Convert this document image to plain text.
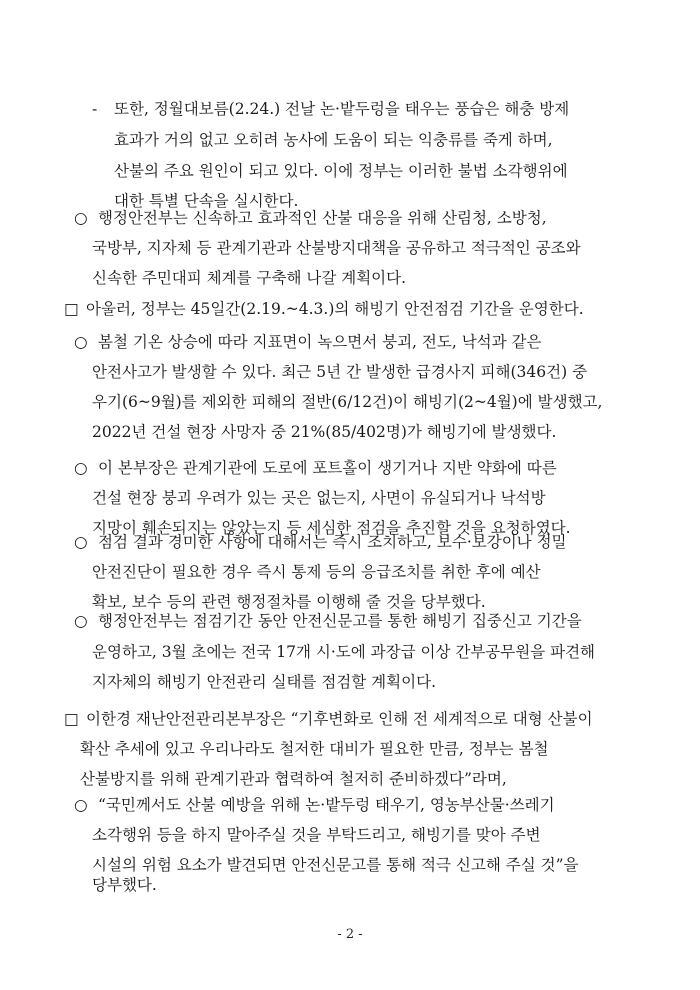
- 또한, 정월대보름(2.24.) 전날 논·밭두렁을 태우는 풍습은 해충 방제
효과가 거의 없고 오히려 농사에 도움이 되는 익충류를 죽게 하며,
산불의 주요 원인이 되고 있다. 이에 정부는 이러한 불법 소각행위에
대한 특별 단속을 실시한다.
○ 행정안전부는 신속하고 효과적인 산불 대응을 위해 산림청, 소방청,
국방부, 지자체 등 관계기관과 산불방지대책을 공유하고 적극적인 공조와
신속한 주민대피 체계를 구축해 나갈 계획이다.
□ 아울러, 정부는 45일간(2.19.~4.3.)의 해빙기 안전점검 기간을 운영한다.
○ 봄철 기온 상승에 따라 지표면이 녹으면서 붕괴, 전도, 낙석과 같은
안전사고가 발생할 수 있다. 최근 5년 간 발생한 급경사지 피해(346건) 중
우기(6~9월)를 제외한 피해의 절반(6/12건)이 해빙기(2~4월)에 발생했고,
2022년 건설 현장 사망자 중 21%(85/402명)가 해빙기에 발생했다.
○ 이 본부장은 관계기관에 도로에 포트홀이 생기거나 지반 약화에 따른
건설 현장 붕괴 우려가 있는 곳은 없는지, 사면이 유실되거나 낙석방
지망이 훼손되지는 않았는지 등 세심한 점검을 추진할 것을 요청하였다.
○ 점검 결과 경미한 사항에 대해서는 즉시 조치하고, 보수·보강이나 정밀
안전진단이 필요한 경우 즉시 통제 등의 응급조치를 취한 후에 예산
확보, 보수 등의 관련 행정절차를 이행해 줄 것을 당부했다.
○ 행정안전부는 점검기간 동안 안전신문고를 통한 해빙기 집중신고 기간을
운영하고, 3월 초에는 전국 17개 시·도에 과장급 이상 간부공무원을 파견해
지자체의 해빙기 안전관리 실태를 점검할 계획이다.
□ 이한경 재난안전관리본부장은 “기후변화로 인해 전 세계적으로 대형 산불이
확산 추세에 있고 우리나라도 철저한 대비가 필요한 만큼, 정부는 봄철
산불방지를 위해 관계기관과 협력하여 철저히 준비하겠다”라며,
○ “국민께서도 산불 예방을 위해 논·밭두렁 태우기, 영농부산물·쓰레기
소각행위 등을 하지 말아주실 것을 부탁드리고, 해빙기를 맞아 주변
시설의 위험 요소가 발견되면 안전신문고를 통해 적극 신고해 주실 것”을
당부했다.
- 2 -
